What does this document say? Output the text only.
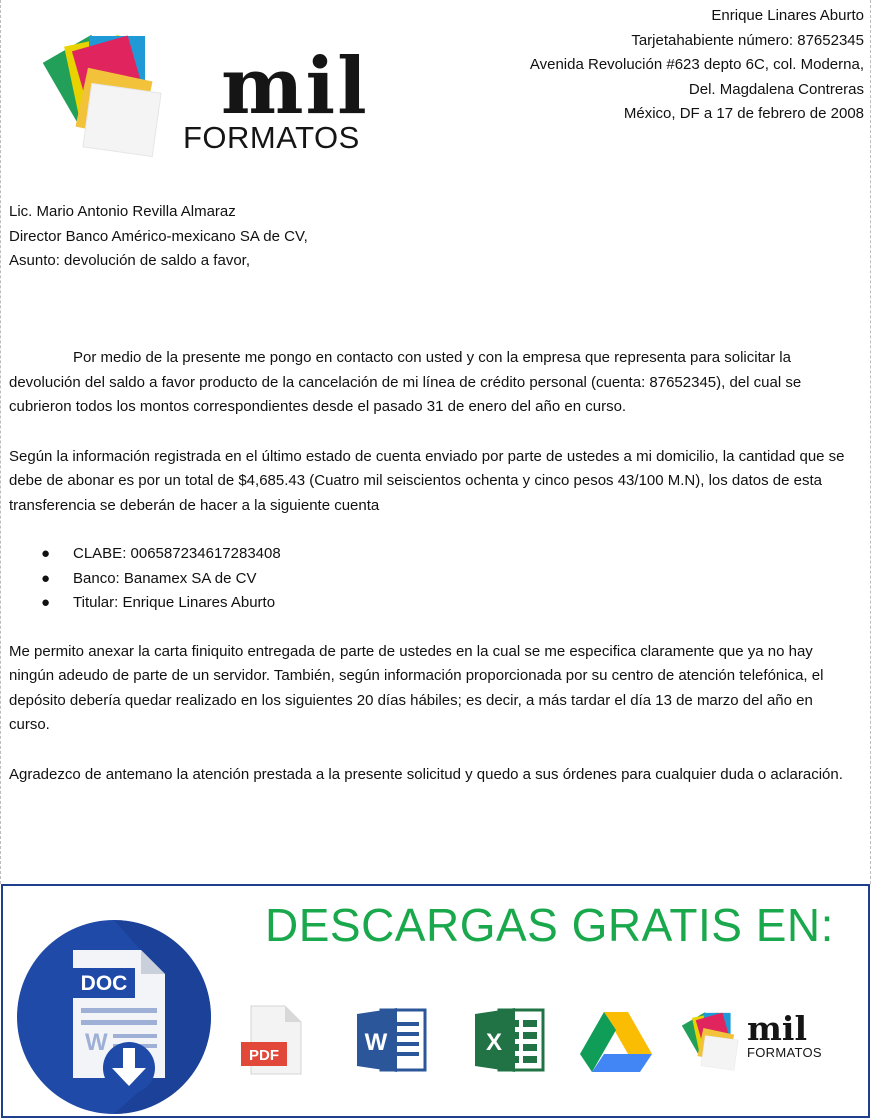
mil
FORMATOS
Enrique Linares Aburto
Tarjetahabiente número: 87652345
Avenida Revolución #623 depto 6C, col. Moderna,
Del. Magdalena Contreras
México, DF a 17 de febrero de 2008
Lic. Mario Antonio Revilla Almaraz
Director Banco Américo-mexicano SA de CV,
Asunto: devolución de saldo a favor,

Por medio de la presente me pongo en contacto con usted y con la empresa que representa para solicitar la devolución del saldo a favor producto de la cancelación de mi línea de crédito personal (cuenta: 87652345), del cual se cubrieron todos los montos correspondientes desde el pasado 31 de enero del año en curso.

Según la información registrada en el último estado de cuenta enviado por parte de ustedes a mi domicilio, la cantidad que se debe de abonar es por un total de $4,685.43 (Cuatro mil seiscientos ochenta y cinco pesos 43/100 M.N), los datos de esta transferencia se deberán de hacer a la siguiente cuenta

● CLABE: 006587234617283408
● Banco: Banamex SA de CV
● Titular: Enrique Linares Aburto

Me permito anexar la carta finiquito entregada de parte de ustedes en la cual se me especifica claramente que ya no hay ningún adeudo de parte de un servidor. También, según información proporcionada por su centro de atención telefónica, el depósito debería quedar realizado en los siguientes 20 días hábiles; es decir, a más tardar el día 13 de marzo del año en curso.

Agradezco de antemano la atención prestada a la presente solicitud y quedo a sus órdenes para cualquier duda o aclaración.

DESCARGAS GRATIS EN:
DOC
W	PDF	W	X	mil
FORMATOS
